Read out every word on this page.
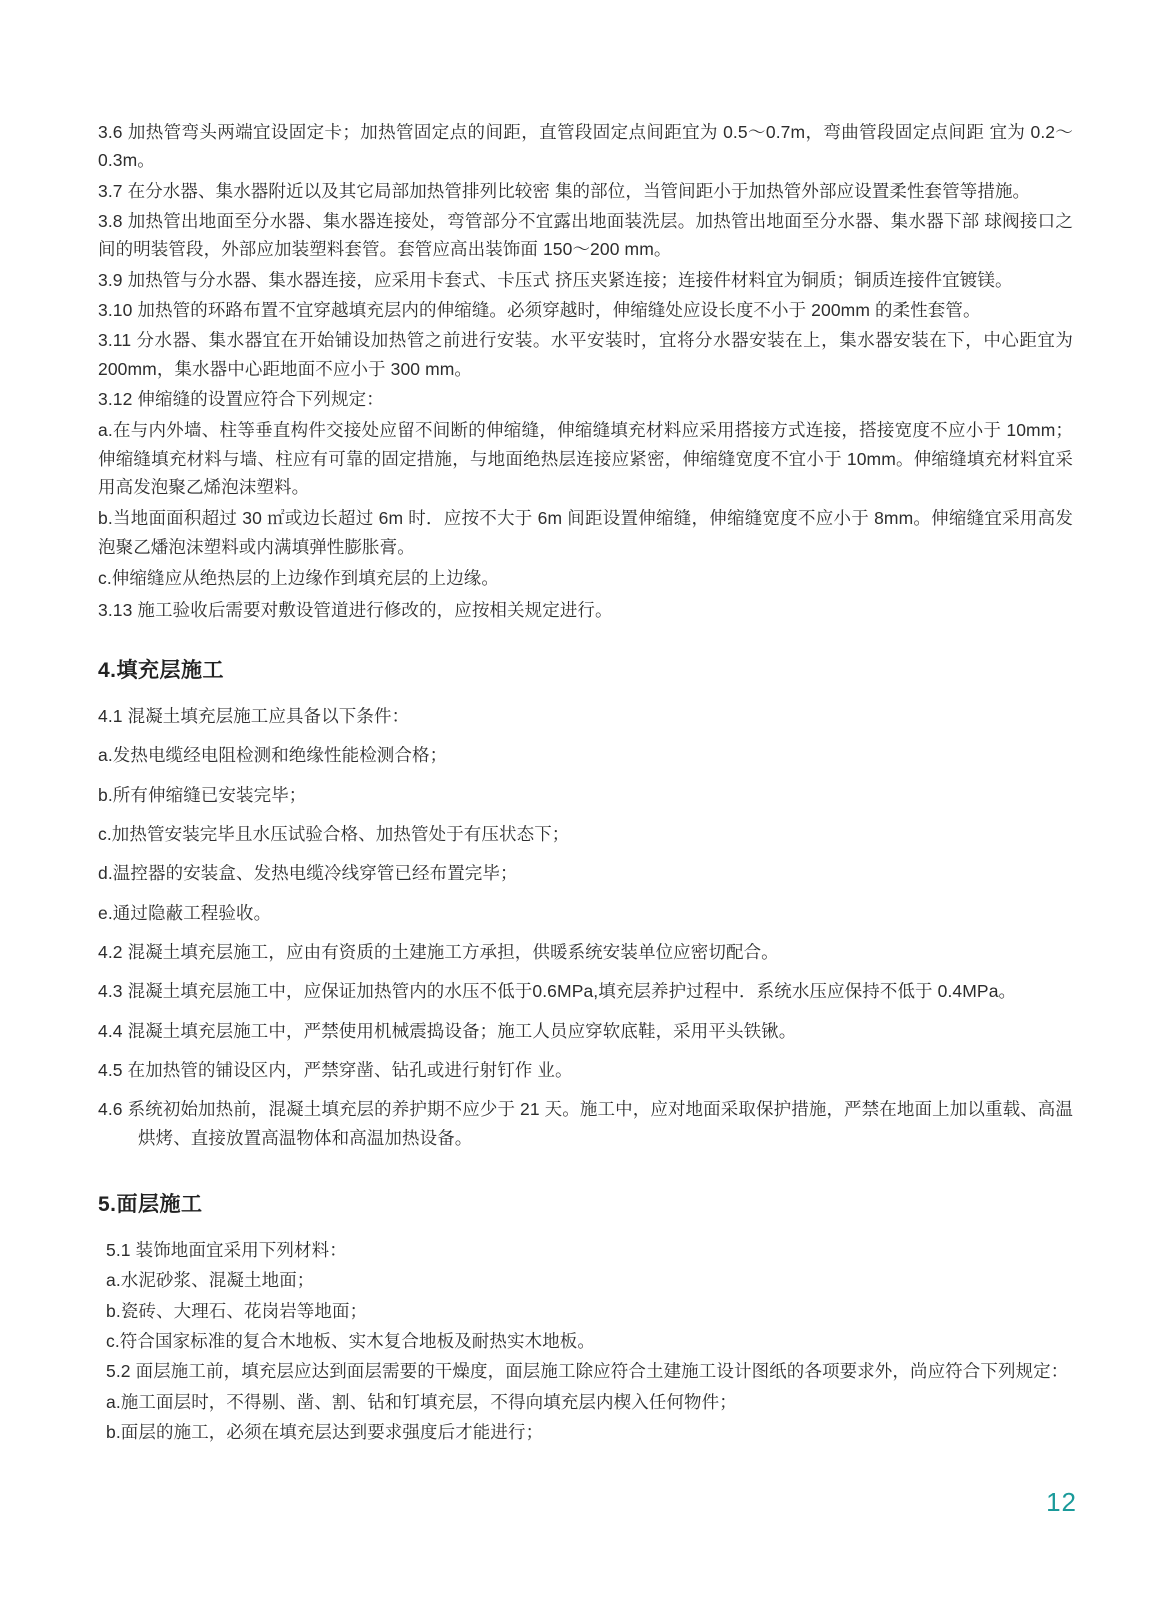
3.6 加热管弯头两端宜设固定卡；加热管固定点的间距，直管段固定点间距宜为 0.5～0.7m，弯曲管段固定点间距 宜为 0.2～0.3m。

3.7 在分水器、集水器附近以及其它局部加热管排列比较密 集的部位，当管间距小于加热管外部应设置柔性套管等措施。

3.8 加热管出地面至分水器、集水器连接处，弯管部分不宜露出地面装洗层。加热管出地面至分水器、集水器下部 球阀接口之间的明装管段，外部应加装塑料套管。套管应高出装饰面 150～200 mm。

3.9 加热管与分水器、集水器连接，应采用卡套式、卡压式 挤压夹紧连接；连接件材料宜为铜质；铜质连接件宜镀镁。

3.10 加热管的环路布置不宜穿越填充层内的伸缩缝。必须穿越时，伸缩缝处应设长度不小于 200mm 的柔性套管。

3.11 分水器、集水器宜在开始铺设加热管之前进行安装。水平安装时，宜将分水器安装在上，集水器安装在下，中心距宜为 200mm，集水器中心距地面不应小于 300 mm。

3.12 伸缩缝的设置应符合下列规定：

a.在与内外墙、柱等垂直构件交接处应留不间断的伸缩缝，伸缩缝填充材料应采用搭接方式连接，搭接宽度不应小于 10mm；伸缩缝填充材料与墙、柱应有可靠的固定措施，与地面绝热层连接应紧密，伸缩缝宽度不宜小于 10mm。伸缩缝填充材料宜采用高发泡聚乙烯泡沫塑料。

b.当地面面积超过 30 ㎡或边长超过 6m 时．应按不大于 6m 间距设置伸缩缝，伸缩缝宽度不应小于 8mm。伸缩缝宜采用高发泡聚乙燔泡沫塑料或内满填弹性膨胀膏。

c.伸缩缝应从绝热层的上边缘作到填充层的上边缘。

3.13 施工验收后需要对敷设管道进行修改的，应按相关规定进行。

4.填充层施工

4.1 混凝土填充层施工应具备以下条件：

a.发热电缆经电阻检测和绝缘性能检测合格；

b.所有伸缩缝已安装完毕；

c.加热管安装完毕且水压试验合格、加热管处于有压状态下；

d.温控器的安装盒、发热电缆冷线穿管已经布置完毕；

e.通过隐蔽工程验收。

4.2 混凝土填充层施工，应由有资质的土建施工方承担，供暖系统安装单位应密切配合。

4.3 混凝土填充层施工中，应保证加热管内的水压不低于0.6MPa,填充层养护过程中．系统水压应保持不低于 0.4MPa。

4.4 混凝土填充层施工中，严禁使用机械震捣设备；施工人员应穿软底鞋，采用平头铁锹。

4.5 在加热管的铺设区内，严禁穿凿、钻孔或进行射钉作 业。

4.6 系统初始加热前，混凝土填充层的养护期不应少于 21 天。施工中，应对地面采取保护措施，严禁在地面上加以重载、高温烘烤、直接放置高温物体和高温加热设备。

5.面层施工

5.1 装饰地面宜采用下列材料：

a.水泥砂浆、混凝土地面；

b.瓷砖、大理石、花岗岩等地面；

c.符合国家标准的复合木地板、实木复合地板及耐热实木地板。

5.2 面层施工前，填充层应达到面层需要的干燥度，面层施工除应符合土建施工设计图纸的各项要求外，尚应符合下列规定：

a.施工面层时，不得剔、凿、割、钻和钉填充层，不得向填充层内楔入任何物件；

b.面层的施工，必须在填充层达到要求强度后才能进行；

12
